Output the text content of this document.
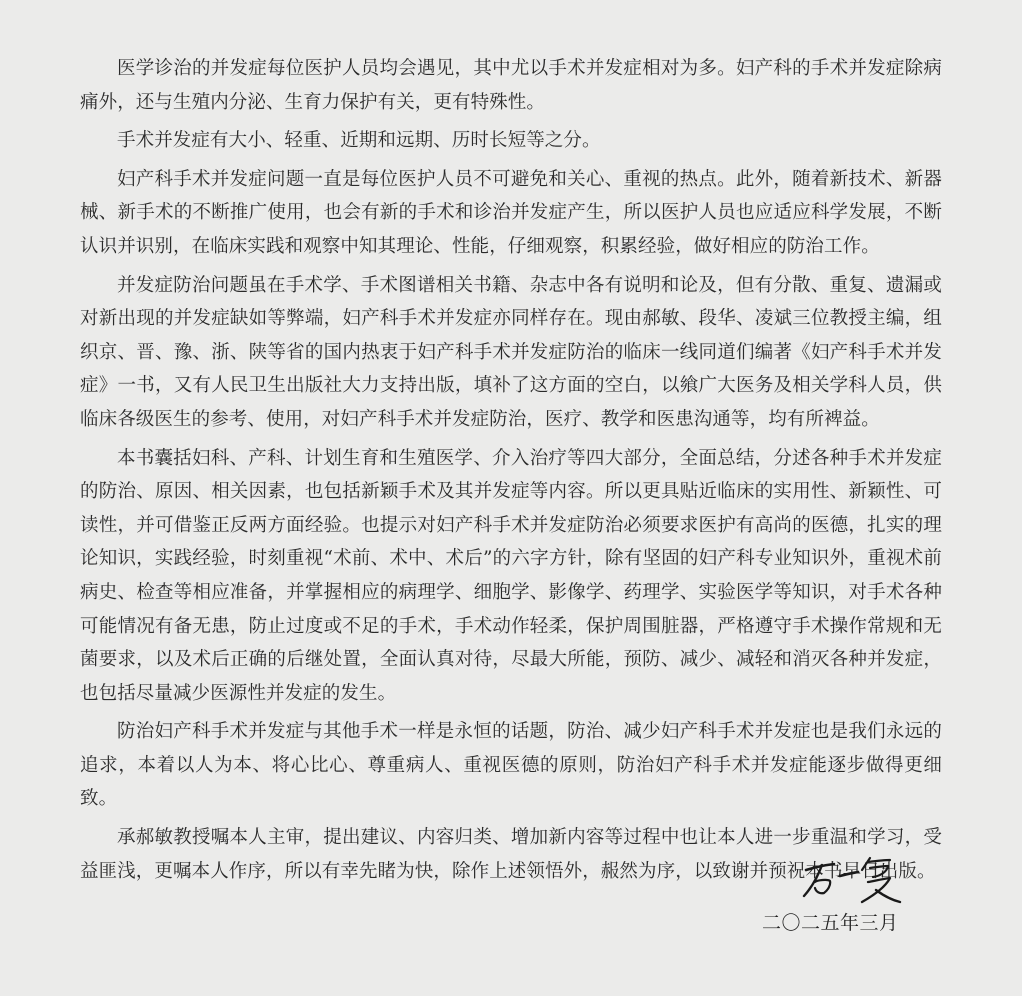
医学诊治的并发症每位医护人员均会遇见，其中尤以手术并发症相对为多。妇产科的手术并发症除病痛外，还与生殖内分泌、生育力保护有关，更有特殊性。

手术并发症有大小、轻重、近期和远期、历时长短等之分。

妇产科手术并发症问题一直是每位医护人员不可避免和关心、重视的热点。此外，随着新技术、新器械、新手术的不断推广使用，也会有新的手术和诊治并发症产生，所以医护人员也应适应科学发展，不断认识并识别，在临床实践和观察中知其理论、性能，仔细观察，积累经验，做好相应的防治工作。

并发症防治问题虽在手术学、手术图谱相关书籍、杂志中各有说明和论及，但有分散、重复、遗漏或对新出现的并发症缺如等弊端，妇产科手术并发症亦同样存在。现由郝敏、段华、凌斌三位教授主编，组织京、晋、豫、浙、陕等省的国内热衷于妇产科手术并发症防治的临床一线同道们编著《妇产科手术并发症》一书，又有人民卫生出版社大力支持出版，填补了这方面的空白，以飨广大医务及相关学科人员，供临床各级医生的参考、使用，对妇产科手术并发症防治，医疗、教学和医患沟通等，均有所裨益。

本书囊括妇科、产科、计划生育和生殖医学、介入治疗等四大部分，全面总结，分述各种手术并发症的防治、原因、相关因素，也包括新颖手术及其并发症等内容。所以更具贴近临床的实用性、新颖性、可读性，并可借鉴正反两方面经验。也提示对妇产科手术并发症防治必须要求医护有高尚的医德，扎实的理论知识，实践经验，时刻重视“术前、术中、术后”的六字方针，除有坚固的妇产科专业知识外，重视术前病史、检查等相应准备，并掌握相应的病理学、细胞学、影像学、药理学、实验医学等知识，对手术各种可能情况有备无患，防止过度或不足的手术，手术动作轻柔，保护周围脏器，严格遵守手术操作常规和无菌要求，以及术后正确的后继处置，全面认真对待，尽最大所能，预防、减少、减轻和消灭各种并发症，也包括尽量减少医源性并发症的发生。

防治妇产科手术并发症与其他手术一样是永恒的话题，防治、减少妇产科手术并发症也是我们永远的追求，本着以人为本、将心比心、尊重病人、重视医德的原则，防治妇产科手术并发症能逐步做得更细致。

承郝敏教授嘱本人主审，提出建议、内容归类、增加新内容等过程中也让本人进一步重温和学习，受益匪浅，更嘱本人作序，所以有幸先睹为快，除作上述领悟外，赧然为序，以致谢并预祝本书早日出版。

二〇二五年三月
